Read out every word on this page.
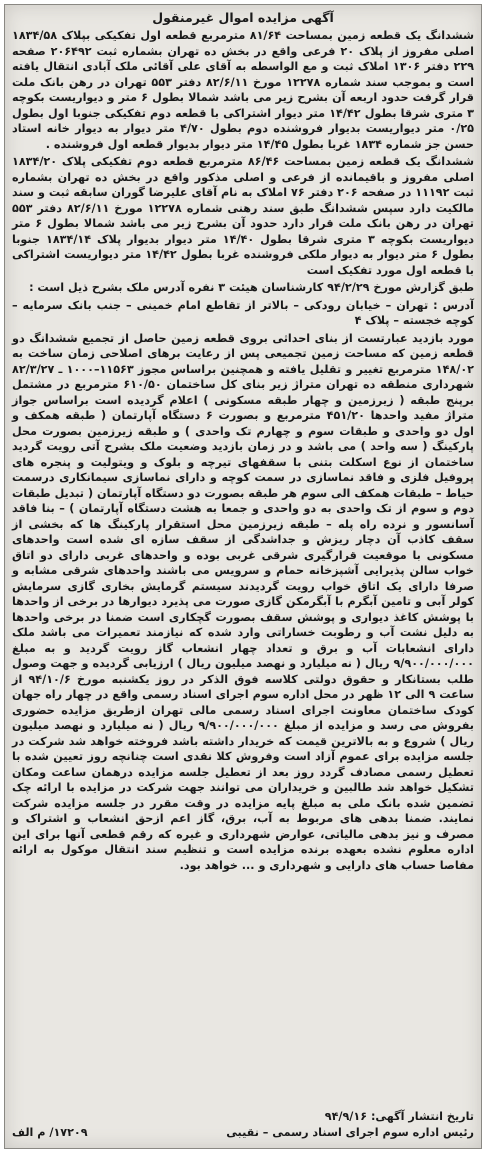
آگهی مزایده اموال غیرمنقول

ششدانگ یک قطعه زمین بمساحت ۸۱/۶۴ مترمربع قطعه اول تفکیکی بپلاک ۱۸۳۴/۵۸ اصلی مفروز از پلاک ۲۰ فرعی واقع در بخش ده تهران بشماره ثبت ۲۰۶۴۹۲ صفحه ۲۲۹ دفتر ۱۳۰۶ املاک ثبت و مع الواسطه به آقای علی آقائی ملک آبادی انتقال یافته است و بموجب سند شماره ۱۲۲۷۸ مورخ ۸۲/۶/۱۱ دفتر ۵۵۳ تهران در رهن بانک ملت قرار گرفت حدود اربعه آن بشرح زیر می باشد شمالا بطول ۶ متر و دیواریست بکوچه ۳ متری شرقا بطول ۱۴/۴۲ متر دیوار اشتراکی با قطعه دوم تفکیکی جنوبا اول بطول ۰/۲۵ متر دیواریست بدیوار فروشنده دوم بطول ۴/۷۰ متر دیوار به دیوار خانه استاد حسن جز شماره ۱۸۳۴ غربا بطول ۱۴/۴۵ متر دیوار بدیوار قطعه اول فروشنده .

ششدانگ یک قطعه زمین بمساحت ۸۶/۴۶ مترمربع قطعه دوم تفکیکی پلاک ۱۸۳۴/۲۰ اصلی مفروز و باقیمانده از فرعی و اصلی مذکور واقع در بخش ده تهران بشماره ثبت ۱۱۱۹۲ در صفحه ۲۰۶ دفتر ۷۶ املاک به نام آقای علیرضا گوران سابقه ثبت و سند مالکیت دارد سپس ششدانگ طبق سند رهنی شماره ۱۲۲۷۸ مورخ ۸۲/۶/۱۱ دفتر ۵۵۳ تهران در رهن بانک ملت قرار دارد حدود آن بشرح زیر می باشد شمالا بطول ۶ متر دیواریست بکوچه ۳ متری شرقا بطول ۱۴/۴۰ متر دیوار بدیوار پلاک ۱۸۳۴/۱۴ جنوبا بطول ۶ متر دیوار به دیوار ملکی فروشنده غربا بطول ۱۴/۴۲ متر دیواریست اشتراکی با قطعه اول مورد تفکیک است

طبق گزارش مورخ ۹۴/۲/۲۹ کارشناسان هیئت ۳ نفره آدرس ملک بشرح ذیل است :

آدرس : تهران – خیابان رودکی – بالاتر از تقاطع امام خمینی – جنب بانک سرمایه – کوچه خجسته – پلاک ۴

مورد بازدید عبارتست از بنای احداثی بروی قطعه زمین حاصل از تجمیع ششدانگ دو قطعه زمین که مساحت زمین تجمیعی پس از رعایت برهای اصلاحی زمان ساخت به ۱۴۸/۰۲ مترمربع تغییر و تقلیل یافته و همچنین براساس مجوز ۱۱۵۶۳–۱۰۰۰ ـ ۸۲/۳/۲۷ شهرداری منطقه ده تهران متراژ زیر بنای کل ساختمان ۶۱۰/۵۰ مترمربع در مشتمل برپنج طبقه ( زیرزمین و چهار طبقه مسکونی ) اعلام گردیده است براساس جواز متراژ مفید واحدها ۴۵۱/۲۰ مترمربع و بصورت ۶ دستگاه آپارتمان ( طبقه همکف و اول دو واحدی و طبقات سوم و چهارم تک واحدی ) و طبقه زیرزمین بصورت محل پارکینگ ( سه واحد ) می باشد و در زمان بازدید وضعیت ملک بشرح آتی رویت گردید ساختمان از نوع اسکلت بتنی با سقفهای تیرچه و بلوک و ویتولیت و پنجره های پروفیل فلزی و فاقد نماسازی در سمت کوچه و دارای نماسازی سیمانکاری درسمت حیاط – طبقات همکف الی سوم هر طبقه بصورت دو دستگاه آپارتمان ( تبدیل طبقات دوم و سوم از تک واحدی به دو واحدی و جمعا به هشت دستگاه آپارتمان ) – بنا فاقد آسانسور و نرده راه پله – طبقه زیرزمین محل استقرار پارکینگ ها که بخشی از سقف کاذب آن دچار ریزش و جداشدگی از سقف سازه ای شده است واحدهای مسکونی با موقعیت قرارگیری شرقی غربی بوده و واحدهای غربی دارای دو اتاق خواب سالن پذیرایی آشپزخانه حمام و سرویس می باشند واحدهای شرقی مشابه و صرفا دارای یک اتاق خواب رویت گردیدند سیستم گرمایش بخاری گازی سرمایش کولر آبی و تامین آبگرم با آبگرمکن گازی صورت می پذیرد دیوارها در برخی از واحدها با پوشش کاغذ دیواری و پوشش سقف بصورت گچکاری است ضمنا در برخی واحدها به دلیل نشت آب و رطوبت خساراتی وارد شده که نیازمند تعمیرات می باشد ملک دارای انشعابات آب و برق و تعداد چهار انشعاب گاز رویت گردید و به مبلغ ۹/۹۰۰/۰۰۰/۰۰۰ ریال ( نه میلیارد و نهصد میلیون ریال ) ارزیابی گردیده و جهت وصول طلب بستانکار و حقوق دولتی کلاسه فوق الذکر در روز یکشنبه مورخ ۹۴/۱۰/۶ از ساعت ۹ الی ۱۲ ظهر در محل اداره سوم اجرای اسناد رسمی واقع در چهار راه جهان کودک ساختمان معاونت اجرای اسناد رسمی مالی تهران ازطریق مزایده حضوری بفروش می رسد و مزایده از مبلغ ۹/۹۰۰/۰۰۰/۰۰۰ ریال ( نه میلیارد و نهصد میلیون ریال ) شروع و به بالاترین قیمت که خریدار داشته باشد فروخته خواهد شد شرکت در جلسه مزایده برای عموم آزاد است وفروش کلا نقدی است چنانچه روز تعیین شده با تعطیل رسمی مصادف گردد روز بعد از تعطیل جلسه مزایده درهمان ساعت ومکان تشکیل خواهد شد طالبین و خریداران می توانند جهت شرکت در مزایده با ارائه چک تضمین شده بانک ملی به مبلغ پایه مزایده در وقت مقرر در جلسه مزایده شرکت نمایند. ضمنا بدهی های مربوط به آب، برق، گاز اعم ازحق انشعاب و اشتراک و مصرف و نیز بدهی مالیاتی، عوارض شهرداری و غیره که رقم قطعی آنها برای این اداره معلوم نشده بعهده برنده مزایده است و تنظیم سند انتقال موکول به ارائه مفاصا حساب های دارایی و شهرداری و ... خواهد بود.

تاریخ انتشار آگهی: ۹۴/۹/۱۶
رئیس اداره سوم اجرای اسناد رسمی – نقیبی
۱۷۲۰۹/ م الف
